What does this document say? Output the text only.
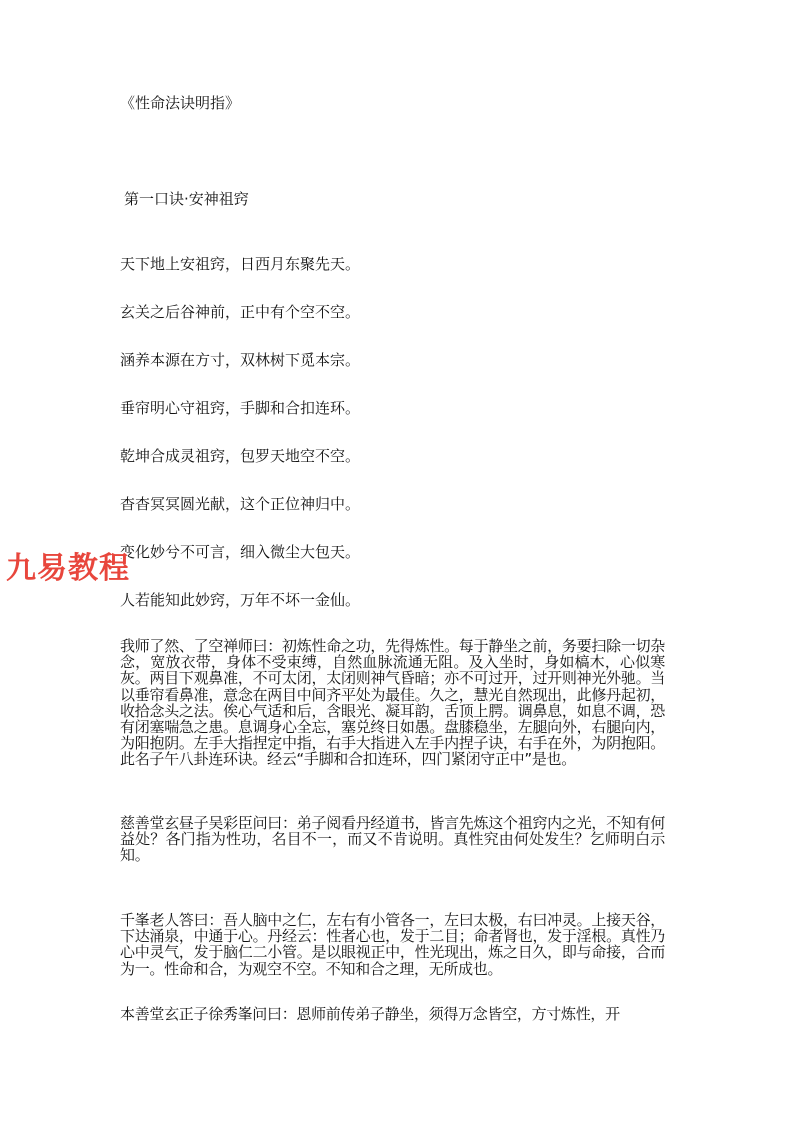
《性命法诀明指》
第一口诀·安神祖窍
天下地上安祖窍，日西月东聚先天。
玄关之后谷神前，正中有个空不空。
涵养本源在方寸，双林树下觅本宗。
垂帘明心守祖窍，手脚和合扣连环。
乾坤合成灵祖窍，包罗天地空不空。
杳杳冥冥圆光献，这个正位神归中。
变化妙兮不可言，细入微尘大包天。
人若能知此妙窍，万年不坏一金仙。
我师了然、了空禅师曰：初炼性命之功，先得炼性。每于静坐之前，务要扫除一切杂念，宽放衣带，身体不受束缚，自然血脉流通无阻。及入坐时，身如槁木，心似寒灰。两目下观鼻准，不可太闭，太闭则神气昏暗；亦不可过开，过开则神光外驰。当以垂帘看鼻准，意念在两目中间齐平处为最佳。久之，慧光自然现出，此修丹起初，收拾念头之法。俟心气适和后，含眼光、凝耳韵，舌顶上腭。调鼻息，如息不调，恐有闭塞喘急之患。息调身心全忘，塞兑终日如愚。盘膝稳坐，左腿向外，右腿向内，为阳抱阴。左手大指捏定中指，右手大指进入左手内捏子诀，右手在外，为阴抱阳。此名子午八卦连环诀。经云“手脚和合扣连环，四门紧闭守正中”是也。
慈善堂玄昼子吴彩臣问曰：弟子阅看丹经道书，皆言先炼这个祖窍内之光，不知有何益处？各门指为性功，名目不一，而又不肯说明。真性究由何处发生？乞师明白示知。
千峯老人答曰：吾人脑中之仁，左右有小管各一，左曰太极，右曰冲灵。上接天谷，下达涌泉，中通于心。丹经云：性者心也，发于二目；命者肾也，发于淫根。真性乃心中灵气，发于脑仁二小管。是以眼视正中，性光现出，炼之日久，即与命接，合而为一。性命和合，为观空不空。不知和合之理，无所成也。
本善堂玄正子徐秀峯问曰：恩师前传弟子静坐，须得万念皆空，方寸炼性，开
九易教程
